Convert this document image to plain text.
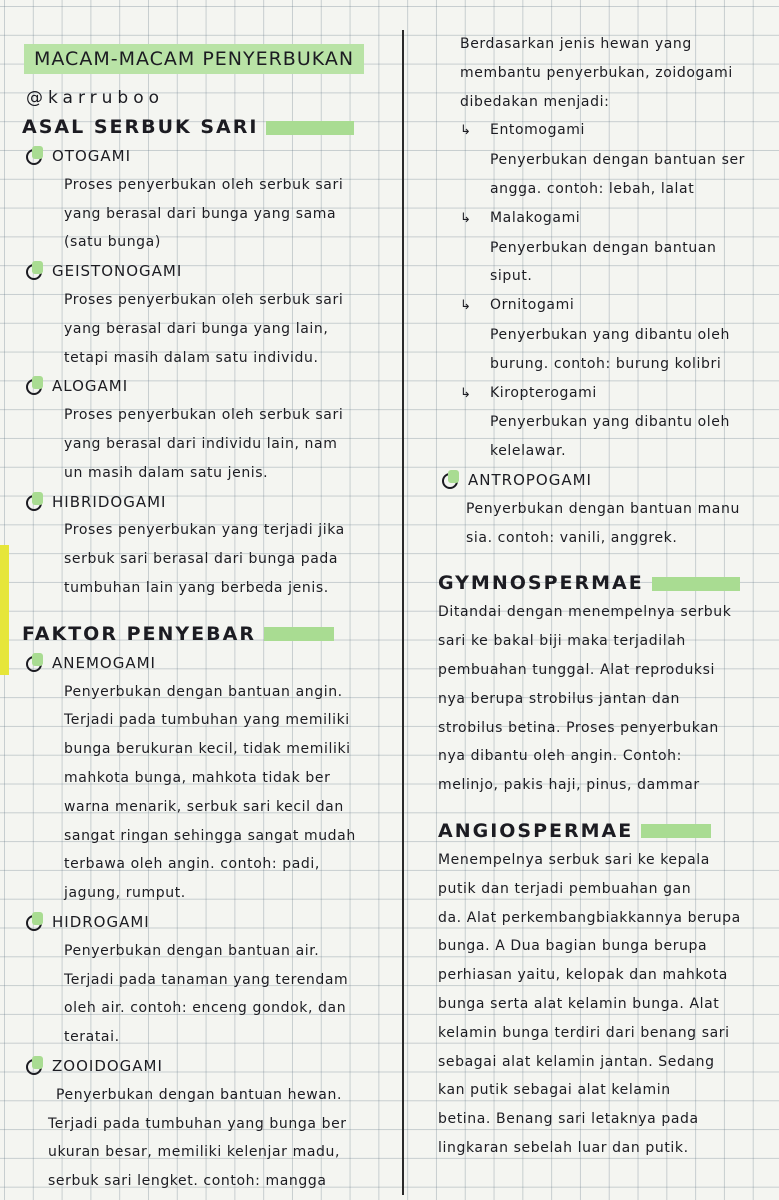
MACAM-MACAM PENYERBUKAN
@karruboo
ASAL SERBUK SARI
OTOGAMI
Proses penyerbukan oleh serbuk sari
yang berasal dari bunga yang sama
(satu bunga)
GEISTONOGAMI
Proses penyerbukan oleh serbuk sari
yang berasal dari bunga yang lain,
tetapi masih dalam satu individu.
ALOGAMI
Proses penyerbukan oleh serbuk sari
yang berasal dari individu lain, nam
un masih dalam satu jenis.
HIBRIDOGAMI
Proses penyerbukan yang terjadi jika
serbuk sari berasal dari bunga pada
tumbuhan lain yang berbeda jenis.
FAKTOR PENYEBAR
ANEMOGAMI
Penyerbukan dengan bantuan angin.
Terjadi pada tumbuhan yang memiliki
bunga berukuran kecil, tidak memiliki
mahkota bunga, mahkota tidak ber
warna menarik, serbuk sari kecil dan
sangat ringan sehingga sangat mudah
terbawa oleh angin. contoh: padi,
jagung, rumput.
HIDROGAMI
Penyerbukan dengan bantuan air.
Terjadi pada tanaman yang terendam
oleh air. contoh: enceng gondok, dan
teratai.
ZOOIDOGAMI
Penyerbukan dengan bantuan hewan.
Terjadi pada tumbuhan yang bunga ber
ukuran besar, memiliki kelenjar madu,
serbuk sari lengket. contoh: mangga
Berdasarkan jenis hewan yang
membantu penyerbukan, zoidogami
dibedakan menjadi:
↳ Entomogami
Penyerbukan dengan bantuan ser
angga. contoh: lebah, lalat
↳ Malakogami
Penyerbukan dengan bantuan
siput.
↳ Ornitogami
Penyerbukan yang dibantu oleh
burung. contoh: burung kolibri
↳ Kiropterogami
Penyerbukan yang dibantu oleh
kelelawar.
ANTROPOGAMI
Penyerbukan dengan bantuan manu
sia. contoh: vanili, anggrek.
GYMNOSPERMAE
Ditandai dengan menempelnya serbuk
sari ke bakal biji maka terjadilah
pembuahan tunggal. Alat reproduksi
nya berupa strobilus jantan dan
strobilus betina. Proses penyerbukan
nya dibantu oleh angin. Contoh:
melinjo, pakis haji, pinus, dammar
ANGIOSPERMAE
Menempelnya serbuk sari ke kepala
putik dan terjadi pembuahan gan
da. Alat perkembangbiakkannya berupa
bunga. A Dua bagian bunga berupa
perhiasan yaitu, kelopak dan mahkota
bunga serta alat kelamin bunga. Alat
kelamin bunga terdiri dari benang sari
sebagai alat kelamin jantan. Sedang
kan putik sebagai alat kelamin
betina. Benang sari letaknya pada
lingkaran sebelah luar dan putik.
